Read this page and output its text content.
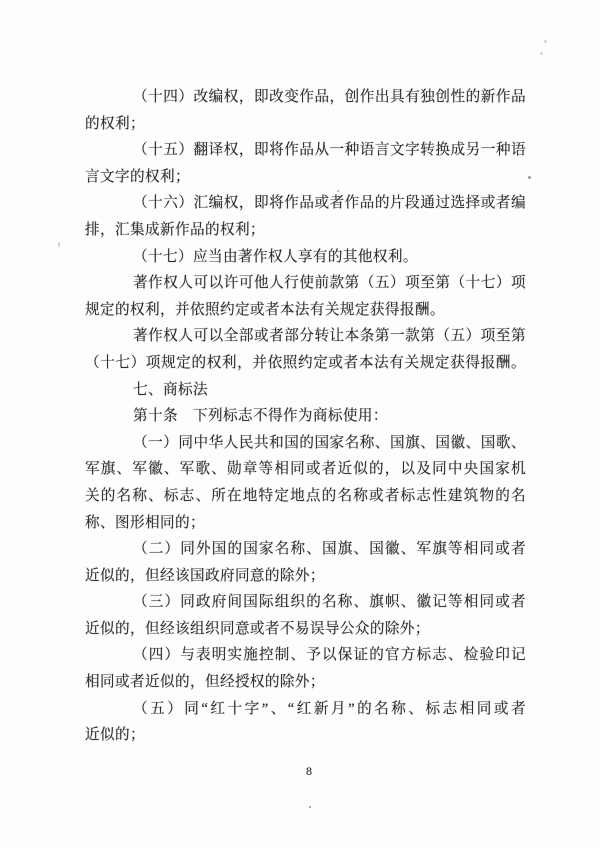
（十四）改编权，即改变作品，创作出具有独创性的新作品
的权利；
（十五）翻译权，即将作品从一种语言文字转换成另一种语
言文字的权利；
（十六）汇编权，即将作品或者作品的片段通过选择或者编
排，汇集成新作品的权利；
（十七）应当由著作权人享有的其他权利。
著作权人可以许可他人行使前款第（五）项至第（十七）项
规定的权利，并依照约定或者本法有关规定获得报酬。
著作权人可以全部或者部分转让本条第一款第（五）项至第
（十七）项规定的权利，并依照约定或者本法有关规定获得报酬。
七、商标法
第十条　下列标志不得作为商标使用：
（一）同中华人民共和国的国家名称、国旗、国徽、国歌、
军旗、军徽、军歌、勋章等相同或者近似的，以及同中央国家机
关的名称、标志、所在地特定地点的名称或者标志性建筑物的名
称、图形相同的；
（二）同外国的国家名称、国旗、国徽、军旗等相同或者
近似的，但经该国政府同意的除外；
（三）同政府间国际组织的名称、旗帜、徽记等相同或者
近似的，但经该组织同意或者不易误导公众的除外；
（四）与表明实施控制、予以保证的官方标志、检验印记
相同或者近似的，但经授权的除外；
（五）同“红十字”、“红新月”的名称、标志相同或者
近似的；
8
